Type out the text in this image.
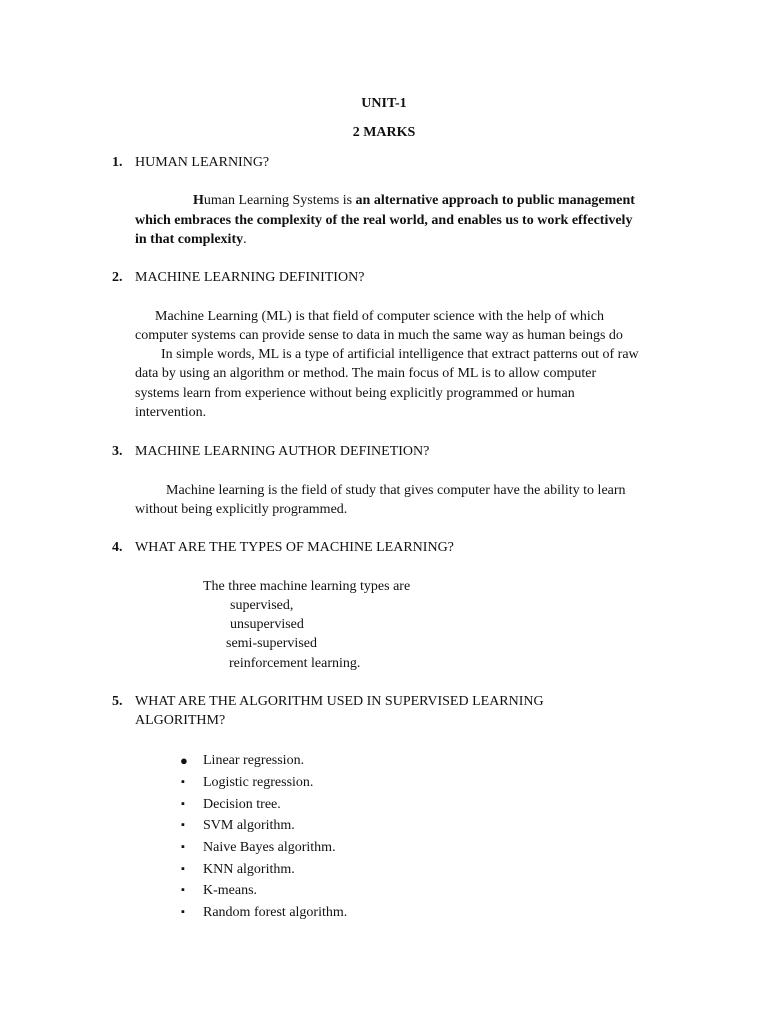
UNIT-1
2 MARKS
1. HUMAN LEARNING?
Human Learning Systems is an alternative approach to public management
which embraces the complexity of the real world, and enables us to work effectively
in that complexity.
2. MACHINE LEARNING DEFINITION?
Machine Learning (ML) is that field of computer science with the help of which
computer systems can provide sense to data in much the same way as human beings do
In simple words, ML is a type of artificial intelligence that extract patterns out of raw
data by using an algorithm or method. The main focus of ML is to allow computer
systems learn from experience without being explicitly programmed or human
intervention.
3. MACHINE LEARNING AUTHOR DEFINETION?
Machine learning is the field of study that gives computer have the ability to learn
without being explicitly programmed.
4. WHAT ARE THE TYPES OF MACHINE LEARNING?
The three machine learning types are
supervised,
unsupervised
semi-supervised
reinforcement learning.
5. WHAT ARE THE ALGORITHM USED IN SUPERVISED LEARNING
ALGORITHM?
● Linear regression.
▪ Logistic regression.
▪ Decision tree.
▪ SVM algorithm.
▪ Naive Bayes algorithm.
▪ KNN algorithm.
▪ K-means.
▪ Random forest algorithm.
